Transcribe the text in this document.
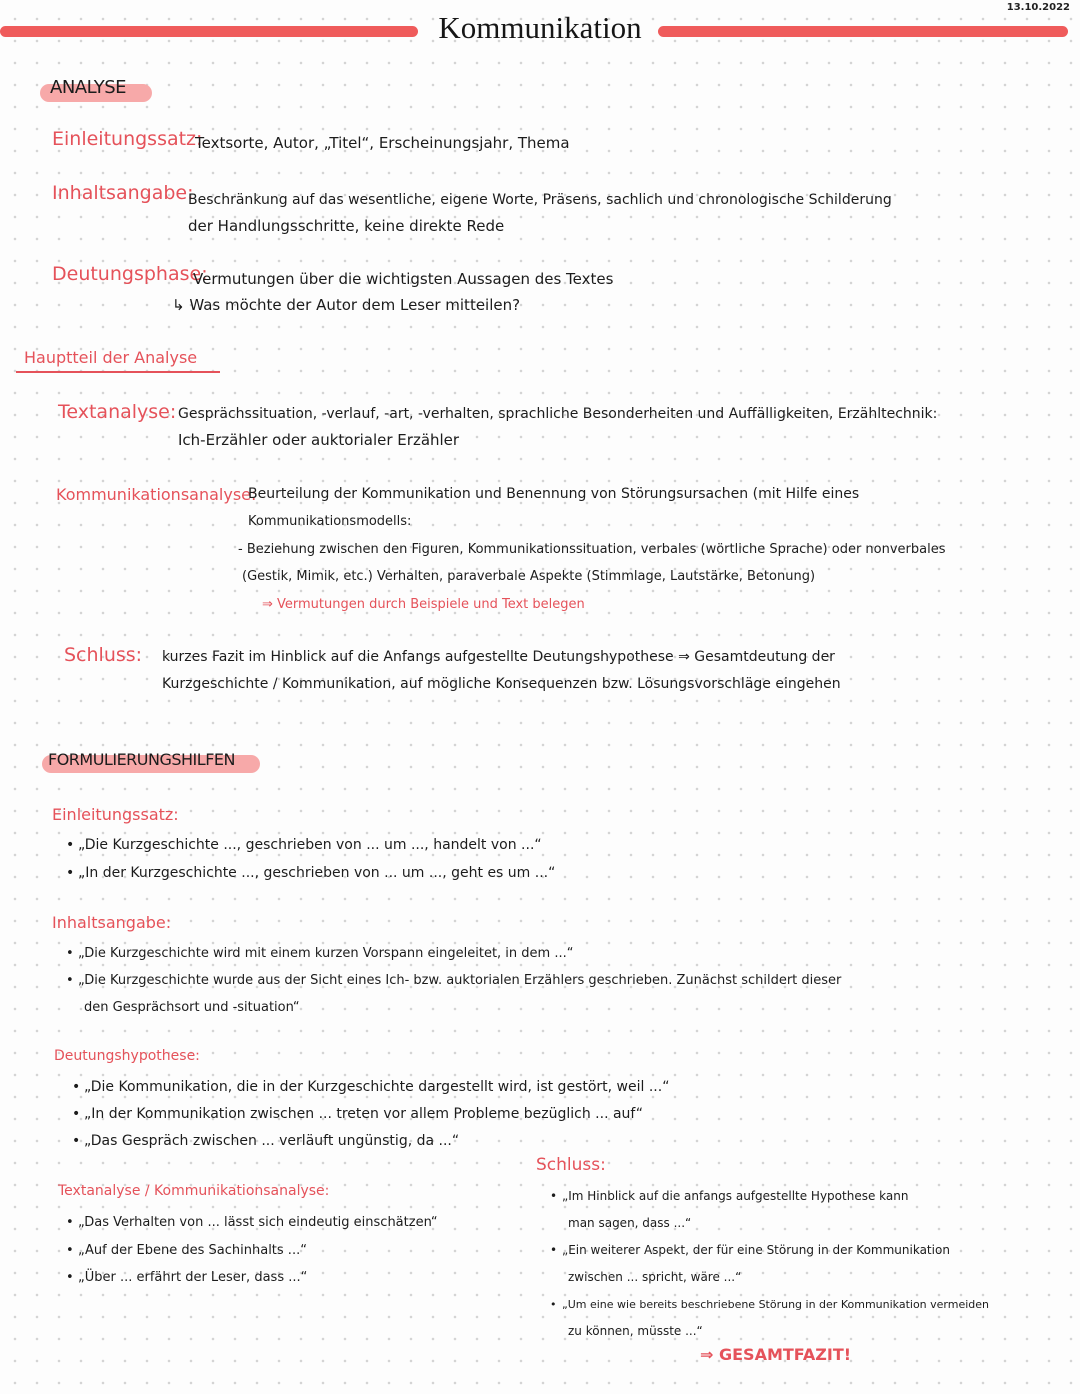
Kommunikation
13.10.2022
ANALYSE
Einleitungssatz:
Textsorte, Autor, „Titel“, Erscheinungsjahr, Thema
Inhaltsangabe:
Beschränkung auf das wesentliche, eigene Worte, Präsens, sachlich und chronologische Schilderung
der Handlungsschritte, keine direkte Rede
Deutungsphase:
Vermutungen über die wichtigsten Aussagen des Textes
↳ Was möchte der Autor dem Leser mitteilen?
Hauptteil der Analyse
Textanalyse: Gesprächssituation, -verlauf, -art, -verhalten, sprachliche Besonderheiten und Auffälligkeiten, Erzähltechnik:
Ich-Erzähler oder auktorialer Erzähler
Kommunikationsanalyse:
Beurteilung der Kommunikation und Benennung von Störungsursachen (mit Hilfe eines
Kommunikationsmodells:
- Beziehung zwischen den Figuren, Kommunikationssituation, verbales (wörtliche Sprache) oder nonverbales
(Gestik, Mimik, etc.) Verhalten, paraverbale Aspekte (Stimmlage, Lautstärke, Betonung)
⇒ Vermutungen durch Beispiele und Text belegen
Schluss: kurzes Fazit im Hinblick auf die Anfangs aufgestellte Deutungshypothese ⇒ Gesamtdeutung der
Kurzgeschichte / Kommunikation, auf mögliche Konsequenzen bzw. Lösungsvorschläge eingehen
FORMULIERUNGSHILFEN
Einleitungssatz:
• „Die Kurzgeschichte ..., geschrieben von ... um ..., handelt von ...“
• „In der Kurzgeschichte ..., geschrieben von ... um ..., geht es um ...“
Inhaltsangabe:
• „Die Kurzgeschichte wird mit einem kurzen Vorspann eingeleitet, in dem ...“
• „Die Kurzgeschichte wurde aus der Sicht eines Ich- bzw. auktorialen Erzählers geschrieben. Zunächst schildert dieser
den Gesprächsort und -situation“
Deutungshypothese:
• „Die Kommunikation, die in der Kurzgeschichte dargestellt wird, ist gestört, weil ...“
• „In der Kommunikation zwischen ... treten vor allem Probleme bezüglich ... auf“
• „Das Gespräch zwischen ... verläuft ungünstig, da ...“
Textanalyse / Kommunikationsanalyse:
• „Das Verhalten von ... lässt sich eindeutig einschätzen“
• „Auf der Ebene des Sachinhalts ...“
• „Über ... erfährt der Leser, dass ...“
Schluss:
• „Im Hinblick auf die anfangs aufgestellte Hypothese kann
man sagen, dass ...“
• „Ein weiterer Aspekt, der für eine Störung in der Kommunikation
zwischen ... spricht, wäre ...“
• „Um eine wie bereits beschriebene Störung in der Kommunikation vermeiden
zu können, müsste ...“
⇒ GESAMTFAZIT!
